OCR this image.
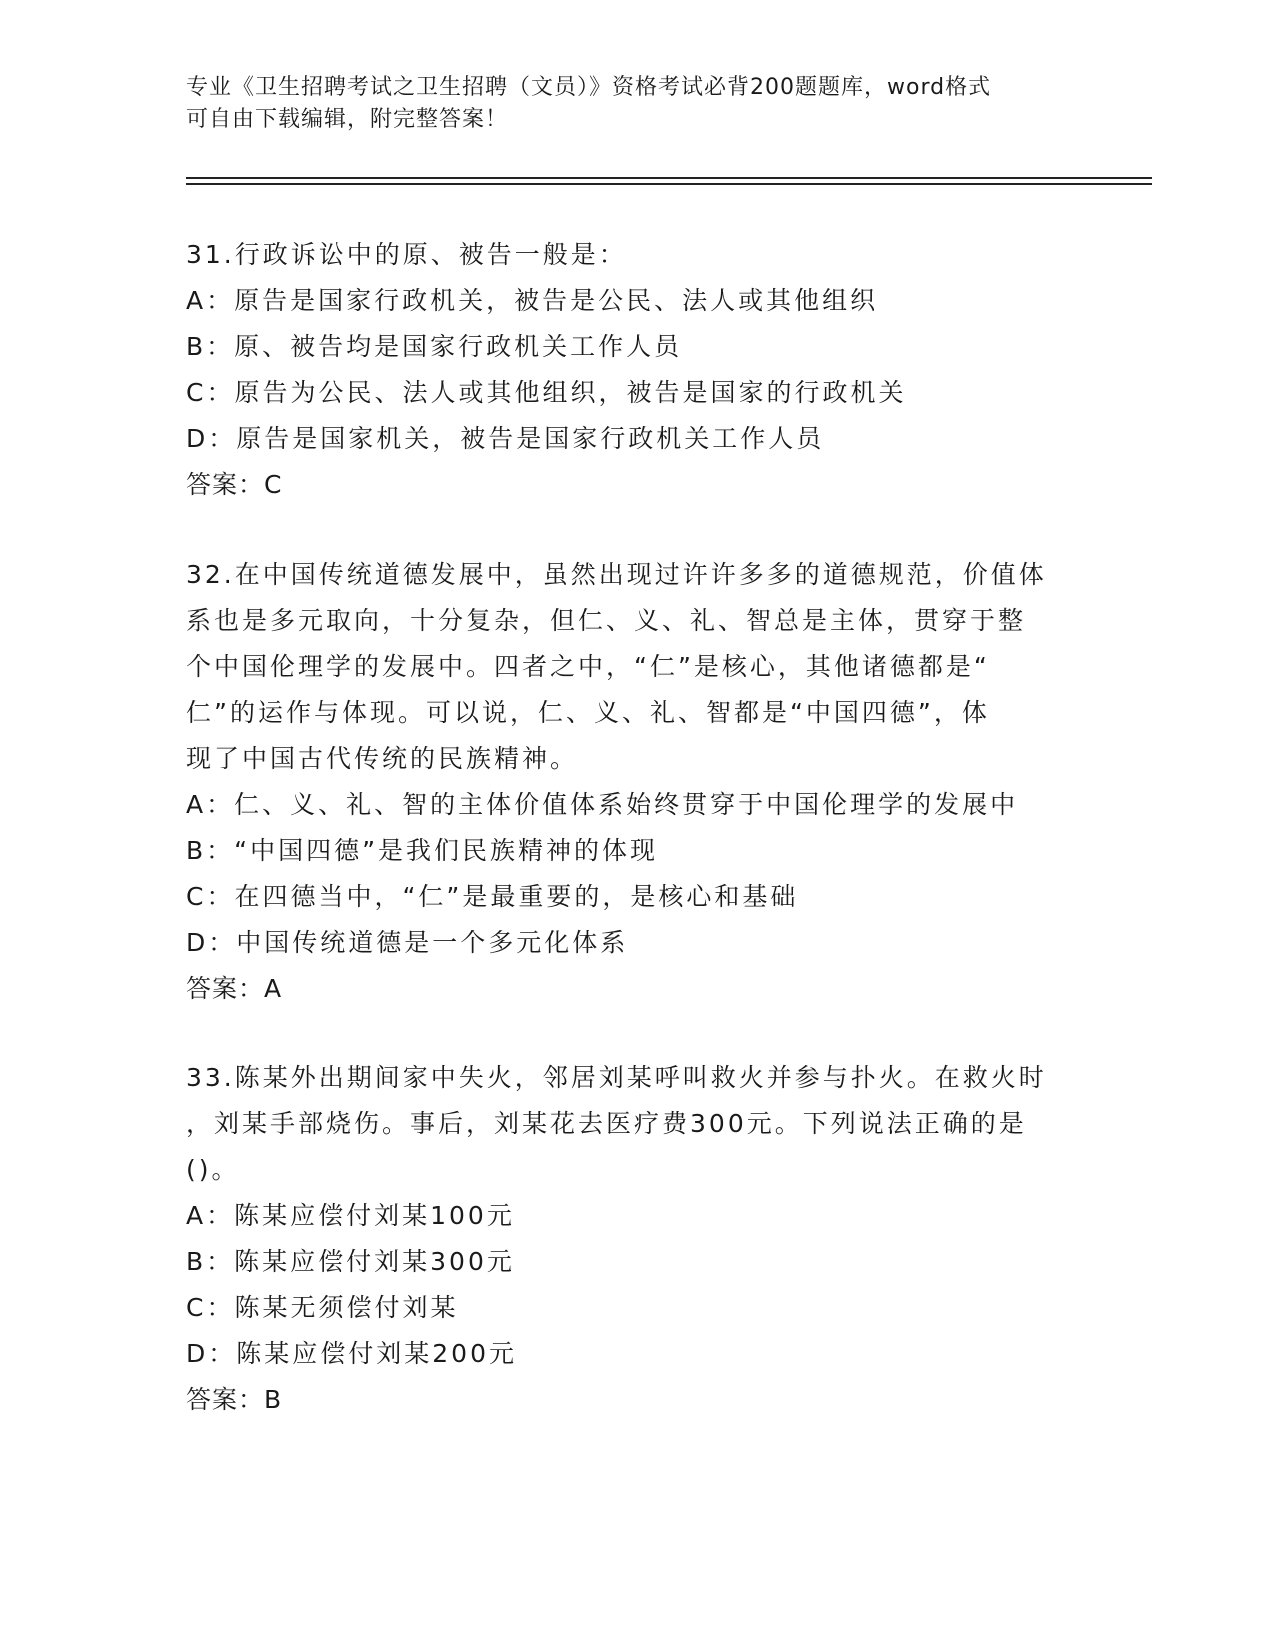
专业《卫生招聘考试之卫生招聘（文员）》资格考试必背200题题库，word格式
可自由下载编辑，附完整答案！
31.行政诉讼中的原、被告一般是：
A：原告是国家行政机关，被告是公民、法人或其他组织
B：原、被告均是国家行政机关工作人员
C：原告为公民、法人或其他组织，被告是国家的行政机关
D：原告是国家机关，被告是国家行政机关工作人员
答案：C
32.在中国传统道德发展中，虽然出现过许许多多的道德规范，价值体
系也是多元取向，十分复杂，但仁、义、礼、智总是主体，贯穿于整
个中国伦理学的发展中。四者之中，“仁”是核心，其他诸德都是“
仁”的运作与体现。可以说，仁、义、礼、智都是“中国四德”，体
现了中国古代传统的民族精神。
A：仁、义、礼、智的主体价值体系始终贯穿于中国伦理学的发展中
B：“中国四德”是我们民族精神的体现
C：在四德当中，“仁”是最重要的，是核心和基础
D：中国传统道德是一个多元化体系
答案：A
33.陈某外出期间家中失火，邻居刘某呼叫救火并参与扑火。在救火时
，刘某手部烧伤。事后，刘某花去医疗费300元。下列说法正确的是
()。
A：陈某应偿付刘某100元
B：陈某应偿付刘某300元
C：陈某无须偿付刘某
D：陈某应偿付刘某200元
答案：B
